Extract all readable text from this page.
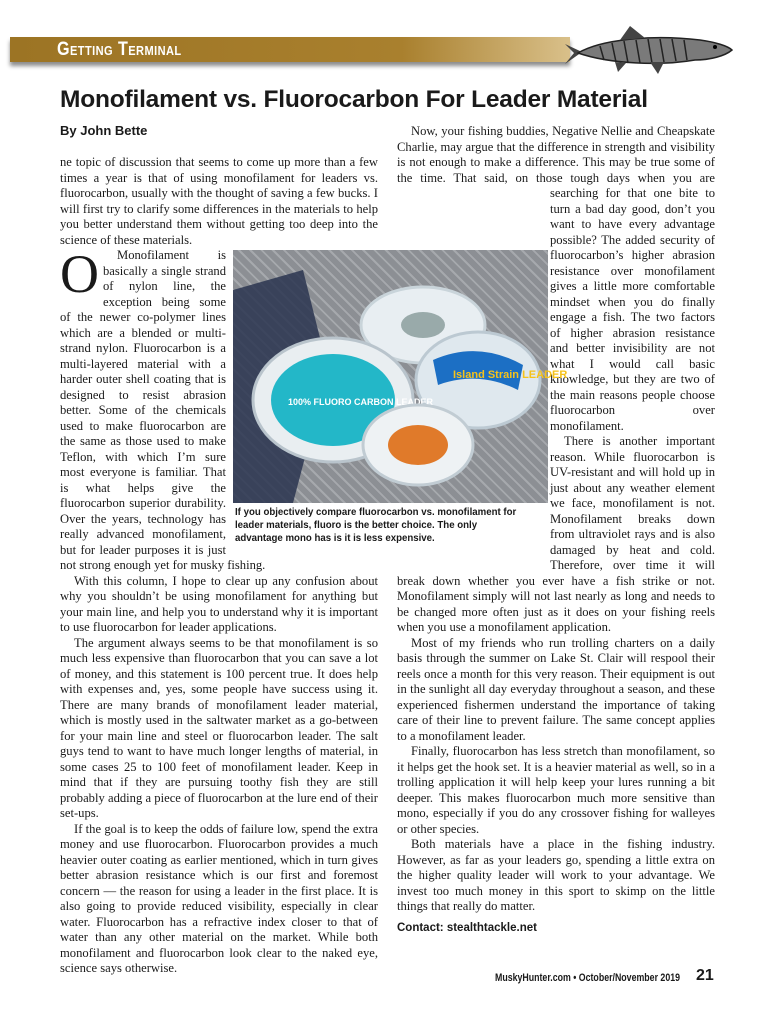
Getting Terminal
Monofilament vs. Fluorocarbon For Leader Material
By John Bette

O
ne topic of discussion that seems to come up more than a few times a year is that of using monofilament for leaders vs. fluorocarbon, usually with the thought of saving a few bucks. I will first try to clarify some differences in the materials to help you better understand them without getting too deep into the science of these materials.

Monofilament is basically a single strand of nylon line, the exception being some of the newer co-polymer lines which are a blended or multi-strand nylon. Fluorocarbon is a multi-layered material with a harder outer shell coating that is designed to resist abrasion better. Some of the chemicals used to make fluorocarbon are the same as those used to make Teflon, with which I’m sure most everyone is familiar. That is what helps give the fluorocarbon superior durability. Over the years, technology has really advanced monofilament, but for leader purposes it is just not strong enough yet for musky fishing.

With this column, I hope to clear up any confusion about why you shouldn’t be using monofilament for anything but your main line, and help you to understand why it is important to use fluorocarbon for leader applications.

The argument always seems to be that monofilament is so much less expensive than fluorocarbon that you can save a lot of money, and this statement is 100 percent true. It does help with expenses and, yes, some people have success using it. There are many brands of monofilament leader material, which is mostly used in the saltwater market as a go-between for your main line and steel or fluorocarbon leader. The salt guys tend to want to have much longer lengths of material, in some cases 25 to 100 feet of monofilament leader. Keep in mind that if they are pursuing toothy fish they are still probably adding a piece of fluorocarbon at the lure end of their set-ups.

If the goal is to keep the odds of failure low, spend the extra money and use fluorocarbon. Fluorocarbon provides a much heavier outer coating as earlier mentioned, which in turn gives better abrasion resistance which is our first and foremost concern — the reason for using a leader in the first place. It is also going to provide reduced visibility, especially in clear water. Fluorocarbon has a refractive index closer to that of water than any other material on the market. While both monofilament and fluorocarbon look clear to the naked eye, science says otherwise.

Now, your fishing buddies, Negative Nellie and Cheapskate Charlie, may argue that the difference in strength and visibility is not enough to make a difference. This may be true some of the time. That said, on those tough days when you are searching for that one bite to turn a bad day good, don’t you want to have every advantage possible? The added security of fluorocarbon’s higher abrasion resistance over monofilament gives a little more comfortable mindset when you do finally engage a fish. The two factors of higher abrasion resistance and better invisibility are not what I would call basic knowledge, but they are two of the main reasons people choose fluorocarbon over monofilament.

There is another important reason. While fluorocarbon is UV-resistant and will hold up in just about any weather element we face, monofilament is not. Monofilament breaks down from ultraviolet rays and is also damaged by heat and cold. Therefore, over time it will break down whether you ever have a fish strike or not. Monofilament simply will not last nearly as long and needs to be changed more often just as it does on your fishing reels when you use a monofilament application.

Most of my friends who run trolling charters on a daily basis through the summer on Lake St. Clair will respool their reels once a month for this very reason. Their equipment is out in the sunlight all day everyday throughout a season, and these experienced fishermen understand the importance of taking care of their line to prevent failure. The same concept applies to a monofilament leader.

Finally, fluorocarbon has less stretch than monofilament, so it helps get the hook set. It is a heavier material as well, so in a trolling application it will help keep your lures running a bit deeper. This makes fluorocarbon much more sensitive than mono, especially if you do any crossover fishing for walleyes or other species.

Both materials have a place in the fishing industry. However, as far as your leaders go, spending a little extra on the higher quality leader will work to your advantage. We invest too much money in this sport to skimp on the little things that really do matter.

Contact: stealthtackle.net

Island Strain LEADER
100% FLUORO CARBON LEADER
If you objectively compare fluorocarbon vs. monofilament for leader materials, fluoro is the better choice. The only advantage mono has is it is less expensive.
MuskyHunter.com • October/November 2019 21
